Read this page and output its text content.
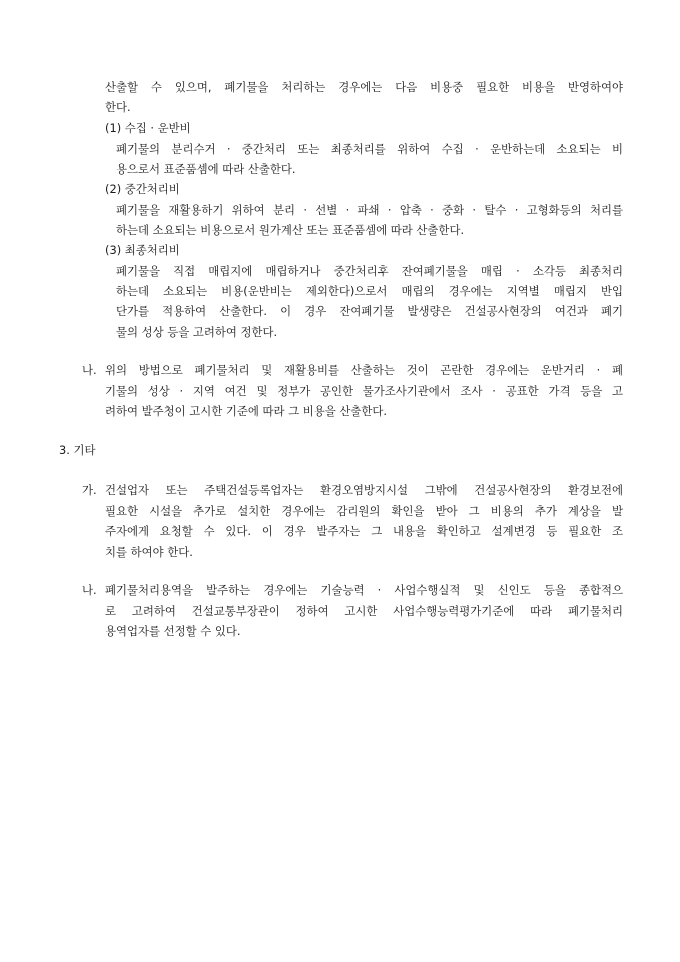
산출할 수 있으며, 폐기물을 처리하는 경우에는 다음 비용중 필요한 비용을 반영하여야
한다.
(1) 수집 · 운반비
폐기물의 분리수거 · 중간처리 또는 최종처리를 위하여 수집 · 운반하는데 소요되는 비
용으로서 표준품셈에 따라 산출한다.
(2) 중간처리비
폐기물을 재활용하기 위하여 분리 · 선별 · 파쇄 · 압축 · 중화 · 탈수 · 고형화등의 처리를
하는데 소요되는 비용으로서 원가계산 또는 표준품셈에 따라 산출한다.
(3) 최종처리비
폐기물을 직접 매립지에 매립하거나 중간처리후 잔여폐기물을 매립 · 소각등 최종처리
하는데 소요되는 비용(운반비는 제외한다)으로서 매립의 경우에는 지역별 매립지 반입
단가를 적용하여 산출한다. 이 경우 잔여폐기물 발생량은 건설공사현장의 여건과 폐기
물의 성상 등을 고려하여 정한다.
나. 위의 방법으로 폐기물처리 및 재활용비를 산출하는 것이 곤란한 경우에는 운반거리 · 폐
기물의 성상 · 지역 여건 및 정부가 공인한 물가조사기관에서 조사 · 공표한 가격 등을 고
려하여 발주청이 고시한 기준에 따라 그 비용을 산출한다.
3. 기타
가. 건설업자 또는 주택건설등록업자는 환경오염방지시설 그밖에 건설공사현장의 환경보전에
필요한 시설을 추가로 설치한 경우에는 감리원의 확인을 받아 그 비용의 추가 계상을 발
주자에게 요청할 수 있다. 이 경우 발주자는 그 내용을 확인하고 설계변경 등 필요한 조
치를 하여야 한다.
나. 폐기물처리용역을 발주하는 경우에는 기술능력 · 사업수행실적 및 신인도 등을 종합적으
로 고려하여 건설교통부장관이 정하여 고시한 사업수행능력평가기준에 따라 폐기물처리
용역업자를 선정할 수 있다.
